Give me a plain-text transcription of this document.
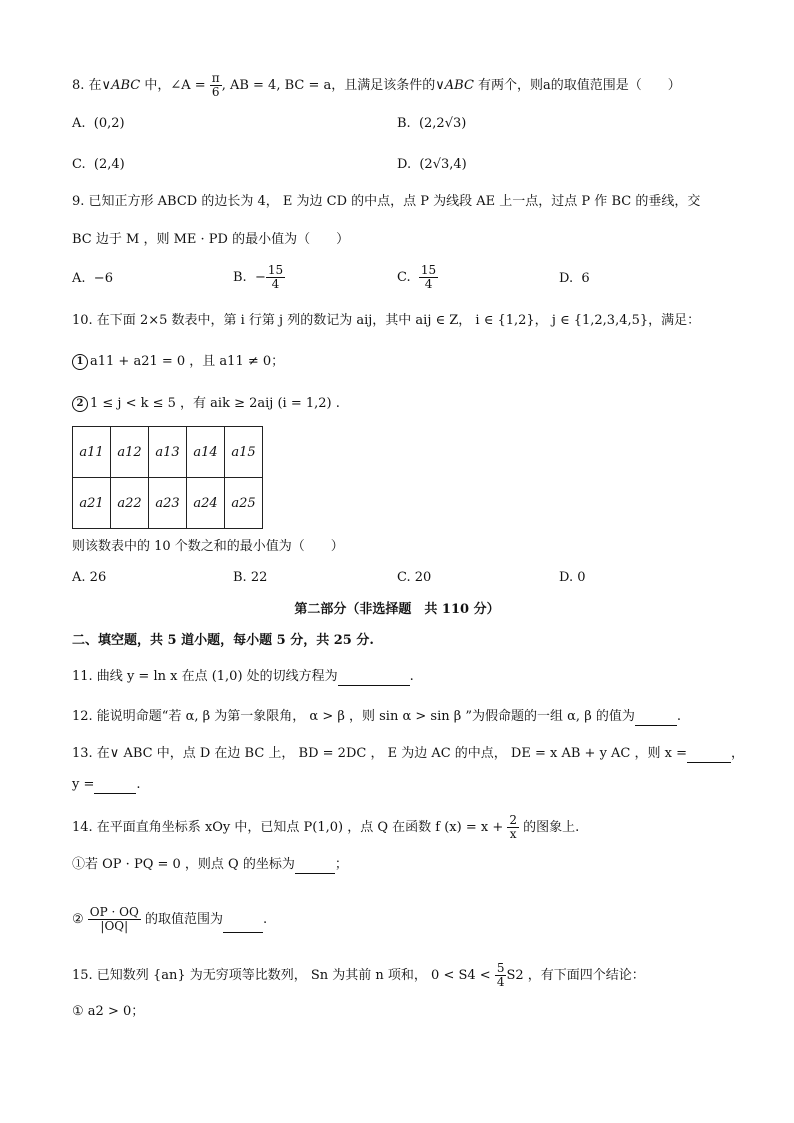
8. 在∨ABC 中，∠A = $\frac{\pi}{6}$ , AB = 4, BC = a，且满足该条件的∨ABC 有两个，则a的取值范围是（　　）
A. (0,2)	B. (2,2√3)
C. (2,4)	D. (2√3,4)
9. 已知正方形 ABCD 的边长为 4， E 为边 CD 的中点，点 P 为线段 AE 上一点，过点 P 作 BC 的垂线，交
BC 边于 M ，则 ME · PD 的最小值为（　　）
A. −6	B. − $\frac{15}{4}$	C. $\frac{15}{4}$	D. 6
10. 在下面 2×5 数表中，第 i 行第 j 列的数记为 aij，其中 aij ∈ Z， i ∈ {1,2}， j ∈ {1,2,3,4,5}，满足：
1 a11 + a21 = 0 ，且 a11 ≠ 0；
2 1 ≤ j < k ≤ 5 ，有 aik ≥ 2aij (i = 1,2) .
a11	a12	a13	a14	a15
a21	a22	a23	a24	a25
则该数表中的 10 个数之和的最小值为（　　）
A. 26	B. 22	C. 20	D. 0
第二部分（非选择题　共 110 分）
二、填空题，共 5 道小题，每小题 5 分，共 25 分.
11. 曲线 y = ln x 在点 (1,0) 处的切线方程为	.
12. 能说明命题“若 α, β 为第一象限角， α > β ，则 sin α > sin β ”为假命题的一组 α, β 的值为	.
13. 在∨ ABC 中，点 D 在边 BC 上， BD = 2DC ， E 为边 AC 的中点， DE = x AB + y AC ，则 x =	，
y =	.
14. 在平面直角坐标系 xOy 中，已知点 P(1,0) ，点 Q 在函数 f $(x) = x + \frac{2}{x}$ 的图象上.
①若 OP · PQ = 0 ，则点 Q 的坐标为	；
② $\frac{OP \cdot OQ}{|OQ|}$ 的取值范围为	.
15. 已知数列 {an} 为无穷项等比数列， Sn 为其前 n 项和， $0 < S4 < \frac{5}{4} S2$ ，有下面四个结论：
① a2 > 0；
